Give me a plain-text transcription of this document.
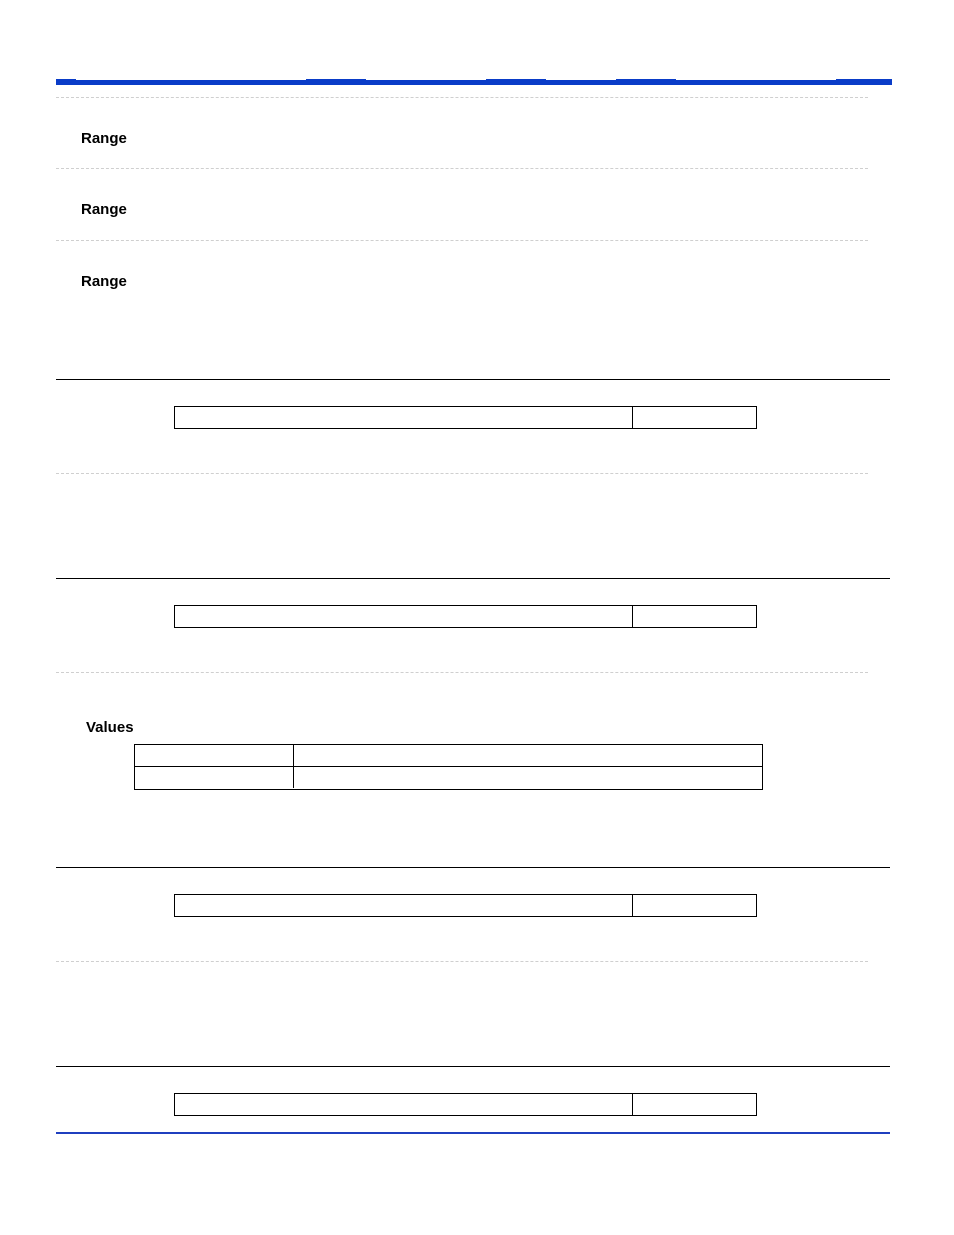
Range
Range
Range
Values
